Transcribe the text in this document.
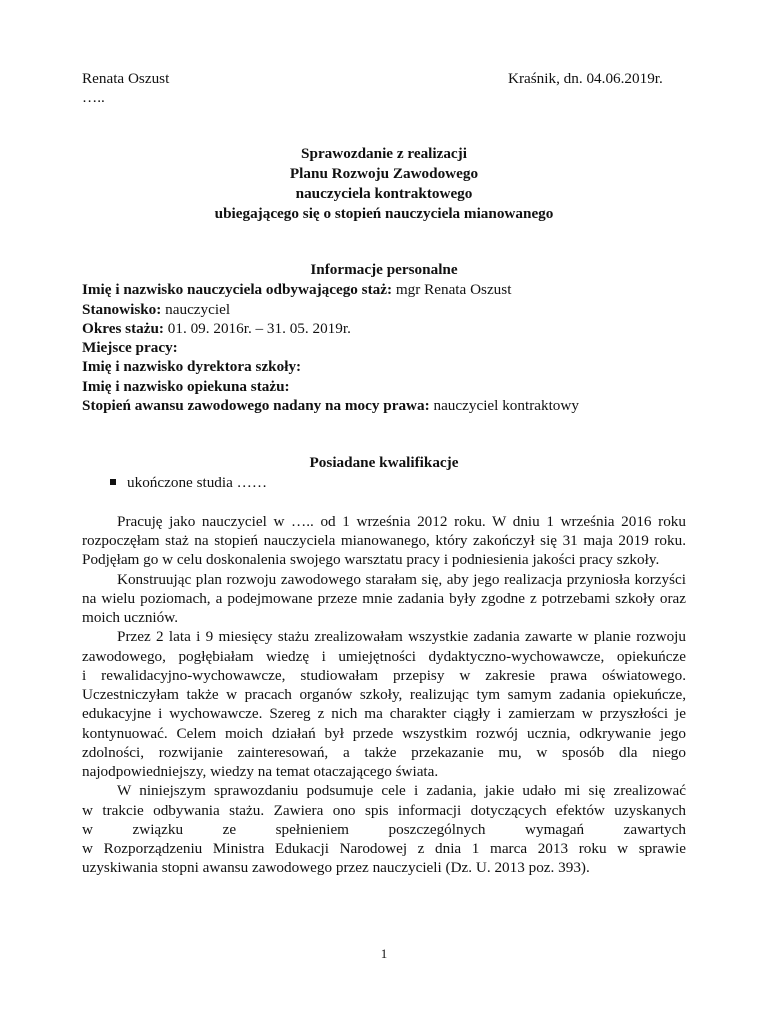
Renata Oszust
…..
Kraśnik, dn. 04.06.2019r.
Sprawozdanie z realizacji
Planu Rozwoju Zawodowego
nauczyciela kontraktowego
ubiegającego się o stopień nauczyciela mianowanego
Informacje personalne
Imię i nazwisko nauczyciela odbywającego staż: mgr Renata Oszust
Stanowisko: nauczyciel
Okres stażu: 01. 09. 2016r. – 31. 05. 2019r.
Miejsce pracy:
Imię i nazwisko dyrektora szkoły:
Imię i nazwisko opiekuna stażu:
Stopień awansu zawodowego nadany na mocy prawa: nauczyciel kontraktowy
Posiadane kwalifikacje
ukończone studia ……
Pracuję jako nauczyciel w ….. od 1 września 2012 roku. W dniu 1 września 2016 roku
rozpoczęłam staż na stopień nauczyciela mianowanego, który zakończył się 31 maja 2019 roku.
Podjęłam go w celu doskonalenia swojego warsztatu pracy i podniesienia jakości pracy szkoły.
Konstruując plan rozwoju zawodowego starałam się, aby jego realizacja przyniosła korzyści
na wielu poziomach, a podejmowane przeze mnie zadania były zgodne z potrzebami szkoły oraz
moich uczniów.
Przez 2 lata i 9 miesięcy stażu zrealizowałam wszystkie zadania zawarte w planie rozwoju
zawodowego, pogłębiałam wiedzę i umiejętności dydaktyczno-wychowawcze, opiekuńcze
i rewalidacyjno-wychowawcze, studiowałam przepisy w zakresie prawa oświatowego.
Uczestniczyłam także w pracach organów szkoły, realizując tym samym zadania opiekuńcze,
edukacyjne i wychowawcze. Szereg z nich ma charakter ciągły i zamierzam w przyszłości je
kontynuować. Celem moich działań był przede wszystkim rozwój ucznia, odkrywanie jego
zdolności, rozwijanie zainteresowań, a także przekazanie mu, w sposób dla niego
najodpowiedniejszy, wiedzy na temat otaczającego świata.
W niniejszym sprawozdaniu podsumuje cele i zadania, jakie udało mi się zrealizować
w trakcie odbywania stażu. Zawiera ono spis informacji dotyczących efektów uzyskanych
w związku ze spełnieniem poszczególnych wymagań zawartych
w Rozporządzeniu Ministra Edukacji Narodowej z dnia 1 marca 2013 roku w sprawie
uzyskiwania stopni awansu zawodowego przez nauczycieli (Dz. U. 2013 poz. 393).
1
